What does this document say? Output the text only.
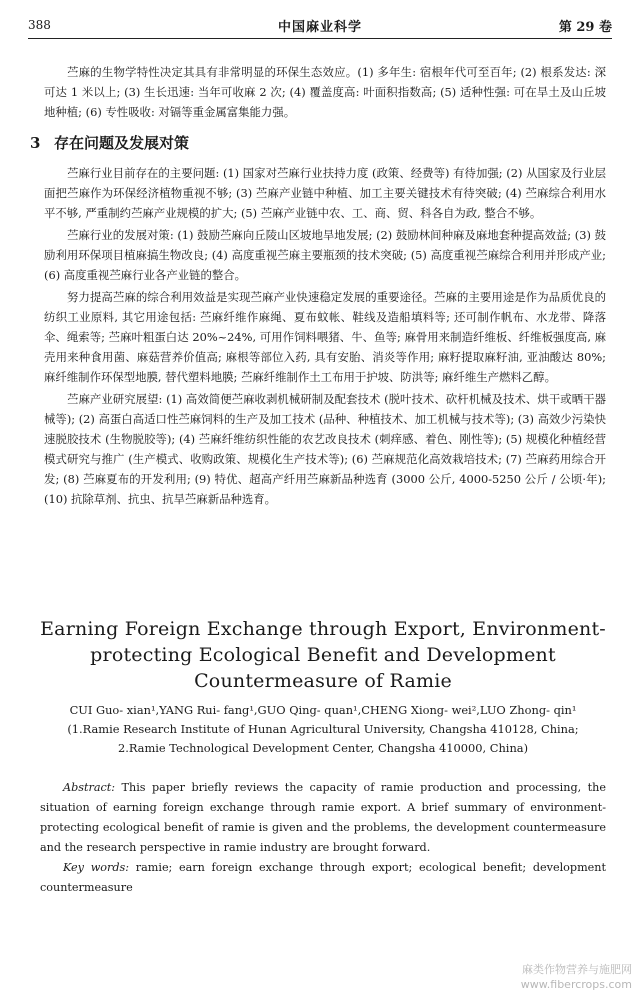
388	中国麻业科学	第 29 卷

苎麻的生物学特性决定其具有非常明显的环保生态效应。(1) 多年生: 宿根年代可至百年; (2) 根系发达: 深可达 1 米以上; (3) 生长迅速: 当年可收麻 2 次; (4) 覆盖度高: 叶面积指数高; (5) 适种性强: 可在旱土及山丘坡地种植; (6) 专性吸收: 对镉等重金属富集能力强。

3 存在问题及发展对策

苎麻行业目前存在的主要问题: (1) 国家对苎麻行业扶持力度 (政策、经费等) 有待加强; (2) 从国家及行业层面把苎麻作为环保经济植物重视不够; (3) 苎麻产业链中种植、加工主要关键技术有待突破; (4) 苎麻综合利用水平不够, 严重制约苎麻产业规模的扩大; (5) 苎麻产业链中农、工、商、贸、科各自为政, 整合不够。

苎麻行业的发展对策: (1) 鼓励苎麻向丘陵山区坡地旱地发展; (2) 鼓励林间种麻及麻地套种提高效益; (3) 鼓励利用环保项目植麻搞生物改良; (4) 高度重视苎麻主要瓶颈的技术突破; (5) 高度重视苎麻综合利用并形成产业; (6) 高度重视苎麻行业各产业链的整合。

努力提高苎麻的综合利用效益是实现苎麻产业快速稳定发展的重要途径。苎麻的主要用途是作为品质优良的纺织工业原料, 其它用途包括: 苎麻纤维作麻绳、夏布蚊帐、鞋线及造船填料等; 还可制作帆布、水龙带、降落伞、绳索等; 苎麻叶粗蛋白达 20%~24%, 可用作饲料喂猪、牛、鱼等; 麻骨用来制造纤维板、纤维板强度高, 麻壳用来种食用菌、麻菇营养价值高; 麻根等部位入药, 具有安胎、消炎等作用; 麻籽提取麻籽油, 亚油酸达 80%; 麻纤维制作环保型地膜, 替代塑料地膜; 苎麻纤维制作土工布用于护坡、防洪等; 麻纤维生产燃料乙醇。

苎麻产业研究展望: (1) 高效简便苎麻收剥机械研制及配套技术 (脱叶技术、砍杆机械及技术、烘干或晒干器械等); (2) 高蛋白高适口性苎麻饲料的生产及加工技术 (品种、种植技术、加工机械与技术等); (3) 高效少污染快速脱胶技术 (生物脱胶等); (4) 苎麻纤维纺织性能的农艺改良技术 (刺痒感、着色、刚性等); (5) 规模化种植经营模式研究与推广 (生产模式、收购政策、规模化生产技术等); (6) 苎麻规范化高效栽培技术; (7) 苎麻药用综合开发; (8) 苎麻夏布的开发利用; (9) 特优、超高产纤用苎麻新品种选育 (3000 公斤, 4000-5250 公斤 / 公顷·年); (10) 抗除草剂、抗虫、抗旱苎麻新品种选育。

Earning Foreign Exchange through Export, Environment-protecting Ecological Benefit and Development Countermeasure of Ramie
CUI Guo- xian¹,YANG Rui- fang¹,GUO Qing- quan¹,CHENG Xiong- wei²,LUO Zhong- qin¹
(1.Ramie Research Institute of Hunan Agricultural University, Changsha 410128, China;
2.Ramie Technological Development Center, Changsha 410000, China)

Abstract: This paper briefly reviews the capacity of ramie production and processing, the situation of earning foreign exchange through ramie export. A brief summary of environment- protecting ecological benefit of ramie is given and the problems, the development countermeasure and the research perspective in ramie industry are brought forward.

Key words: ramie; earn foreign exchange through export; ecological benefit; development countermeasure

麻类作物营养与施肥网
www.fibercrops.com
